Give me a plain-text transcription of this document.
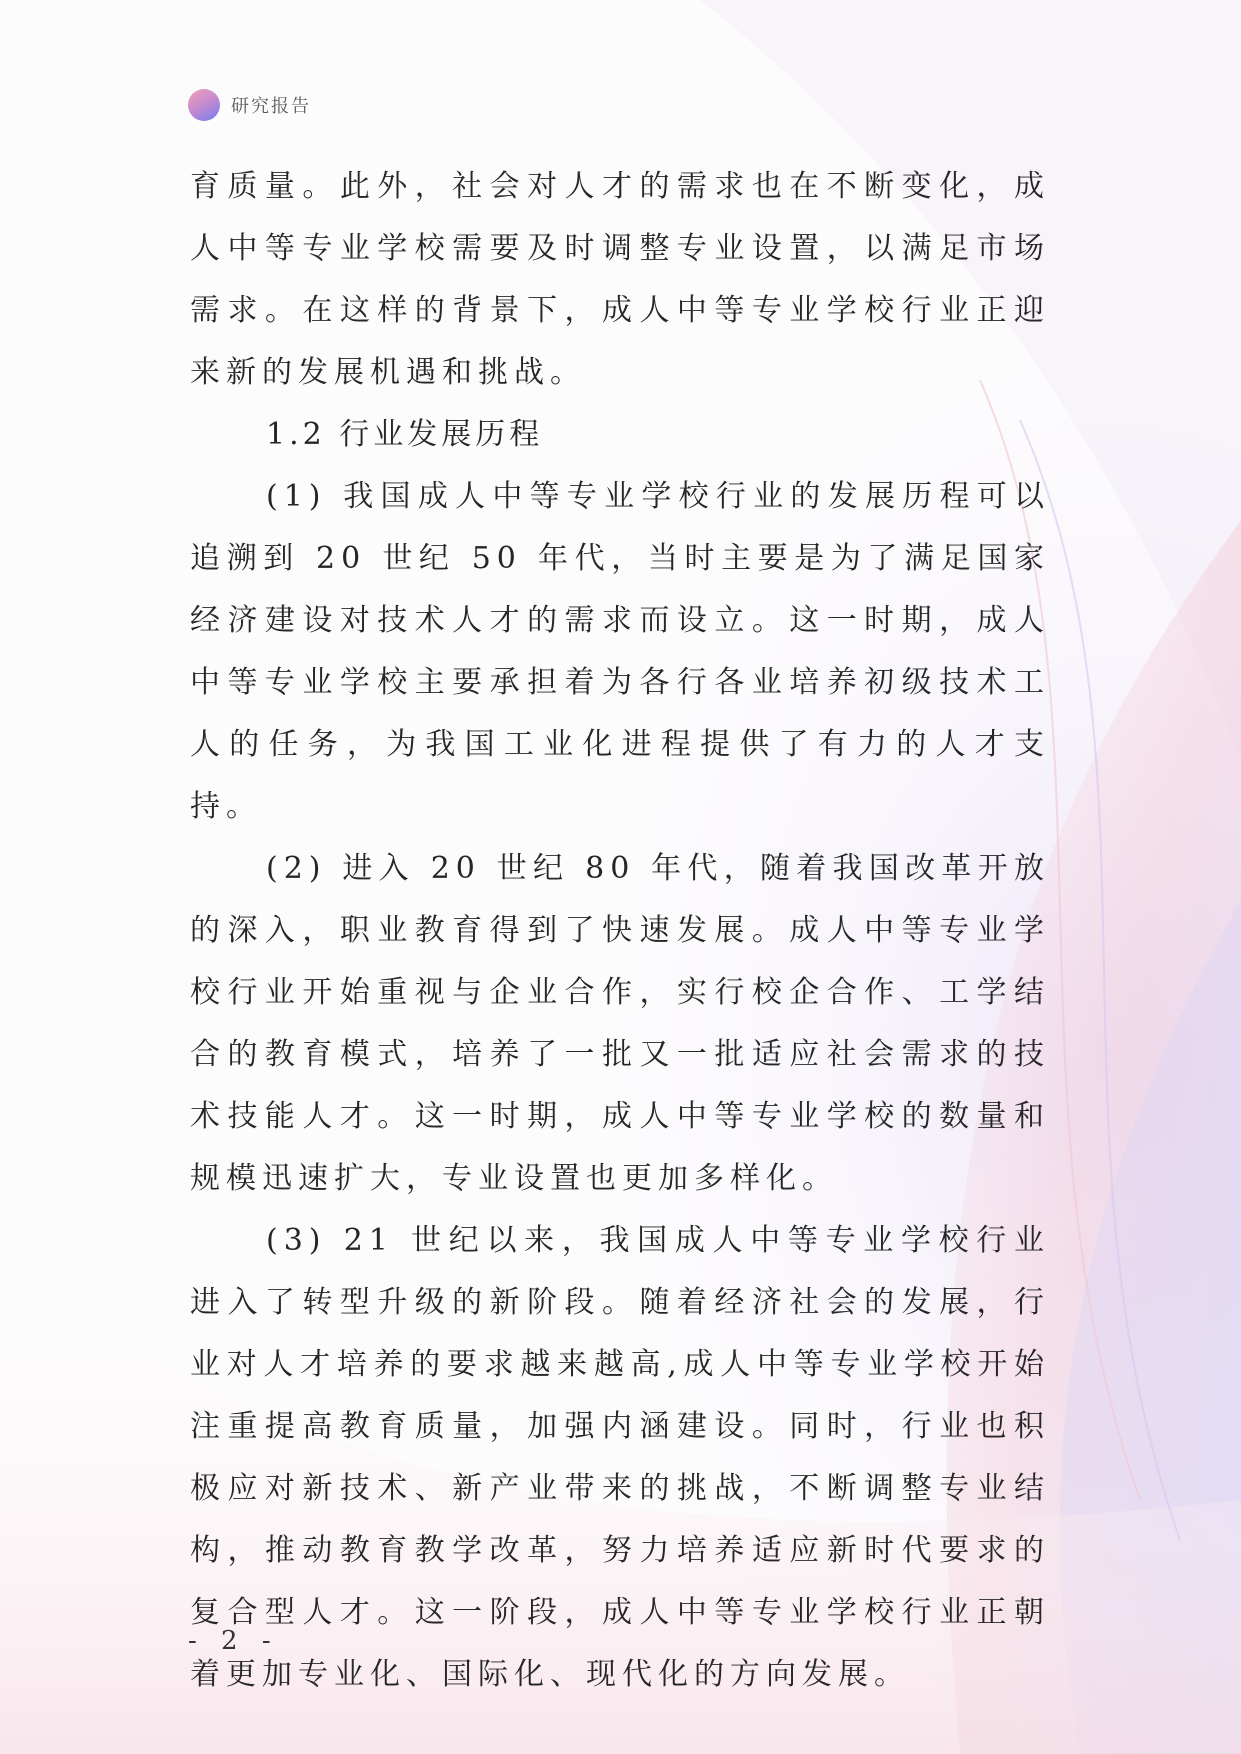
研究报告

育质量。此外，社会对人才的需求也在不断变化，成人中等专业学校需要及时调整专业设置，以满足市场需求。在这样的背景下，成人中等专业学校行业正迎来新的发展机遇和挑战。

1.2 行业发展历程

(1) 我国成人中等专业学校行业的发展历程可以追溯到 20 世纪 50 年代，当时主要是为了满足国家经济建设对技术人才的需求而设立。这一时期，成人中等专业学校主要承担着为各行各业培养初级技术工人的任务，为我国工业化进程提供了有力的人才支持。

(2) 进入 20 世纪 80 年代，随着我国改革开放的深入，职业教育得到了快速发展。成人中等专业学校行业开始重视与企业合作，实行校企合作、工学结合的教育模式，培养了一批又一批适应社会需求的技术技能人才。这一时期，成人中等专业学校的数量和规模迅速扩大，专业设置也更加多样化。

(3) 21 世纪以来，我国成人中等专业学校行业进入了转型升级的新阶段。随着经济社会的发展，行业对人才培养的要求越来越高,成人中等专业学校开始注重提高教育质量，加强内涵建设。同时，行业也积极应对新技术、新产业带来的挑战，不断调整专业结构，推动教育教学改革，努力培养适应新时代要求的复合型人才。这一阶段，成人中等专业学校行业正朝着更加专业化、国际化、现代化的方向发展。

- 2 -
